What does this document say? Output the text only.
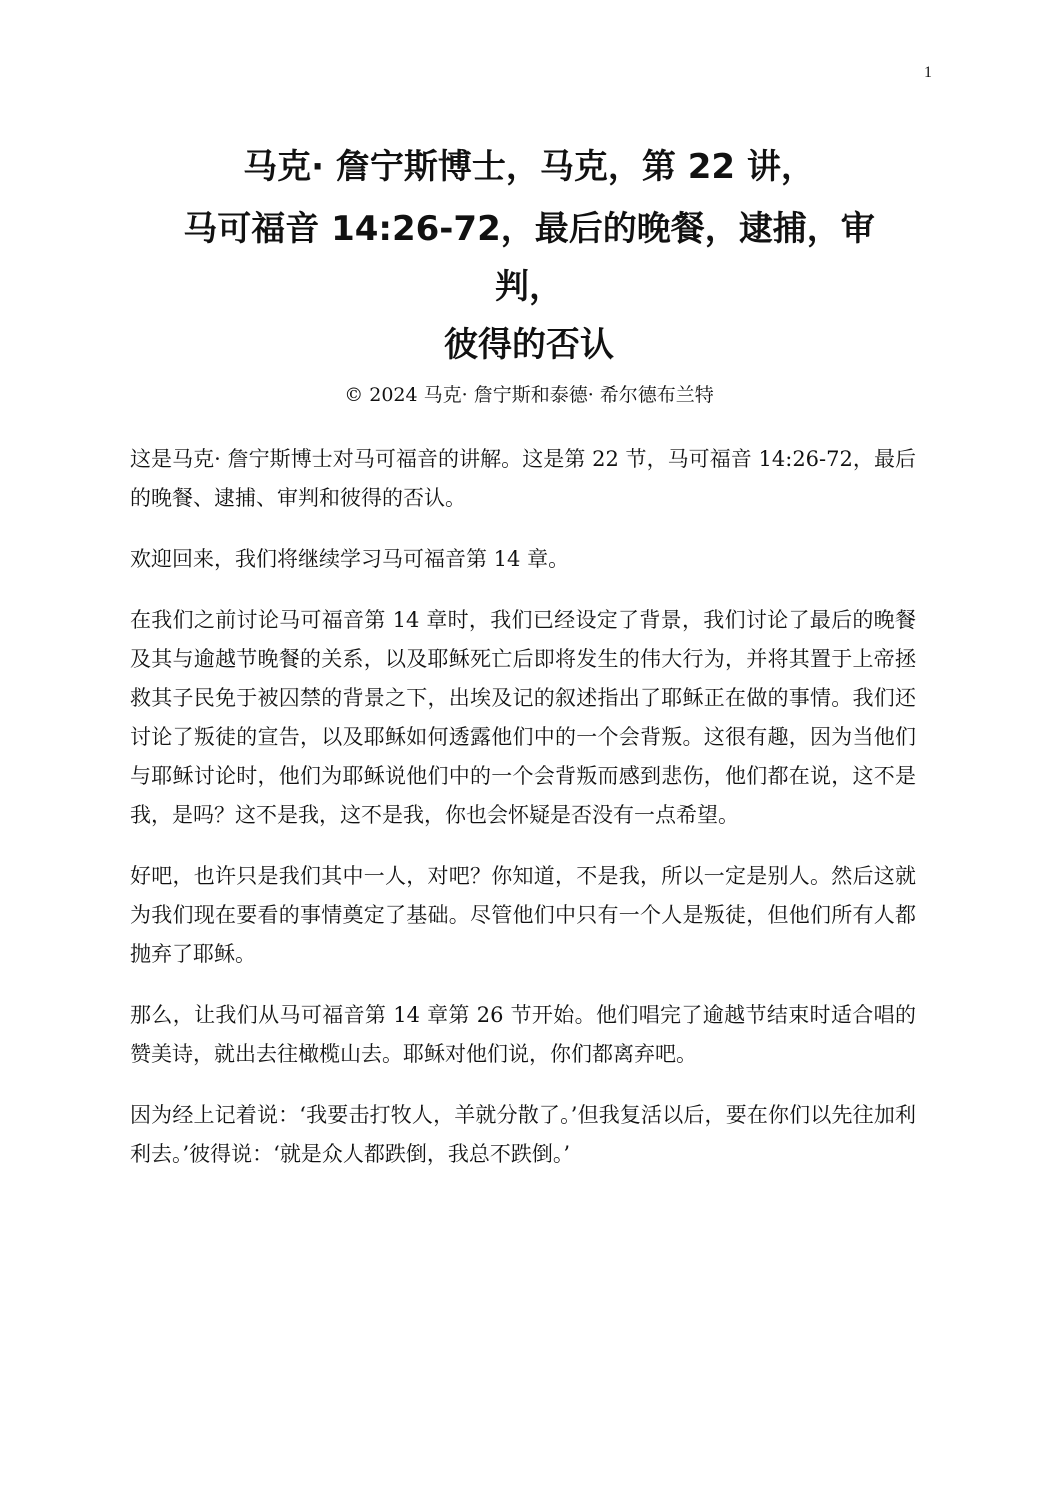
1

马克· 詹宁斯博士，马克，第 22 讲，

马可福音 14:26-72，最后的晚餐，逮捕，审

判，

彼得的否认

© 2024 马克· 詹宁斯和泰德· 希尔德布兰特

这是马克· 詹宁斯博士对马可福音的讲解。这是第 22 节，马可福音 14:26-72，最后的晚餐、逮捕、审判和彼得的否认。

欢迎回来，我们将继续学习马可福音第 14 章。

在我们之前讨论马可福音第 14 章时，我们已经设定了背景，我们讨论了最后的晚餐及其与逾越节晚餐的关系，以及耶稣死亡后即将发生的伟大行为，并将其置于上帝拯救其子民免于被囚禁的背景之下，出埃及记的叙述指出了耶稣正在做的事情。我们还讨论了叛徒的宣告，以及耶稣如何透露他们中的一个会背叛。这很有趣，因为当他们与耶稣讨论时，他们为耶稣说他们中的一个会背叛而感到悲伤，他们都在说，这不是我，是吗？这不是我，这不是我，你也会怀疑是否没有一点希望。

好吧，也许只是我们其中一人，对吧？你知道，不是我，所以一定是别人。然后这就为我们现在要看的事情奠定了基础。尽管他们中只有一个人是叛徒，但他们所有人都抛弃了耶稣。

那么，让我们从马可福音第 14 章第 26 节开始。他们唱完了逾越节结束时适合唱的赞美诗，就出去往橄榄山去。耶稣对他们说，你们都离弃吧。

因为经上记着说：‘我要击打牧人，羊就分散了。’但我复活以后，要在你们以先往加利利去。’彼得说：‘就是众人都跌倒，我总不跌倒。’
